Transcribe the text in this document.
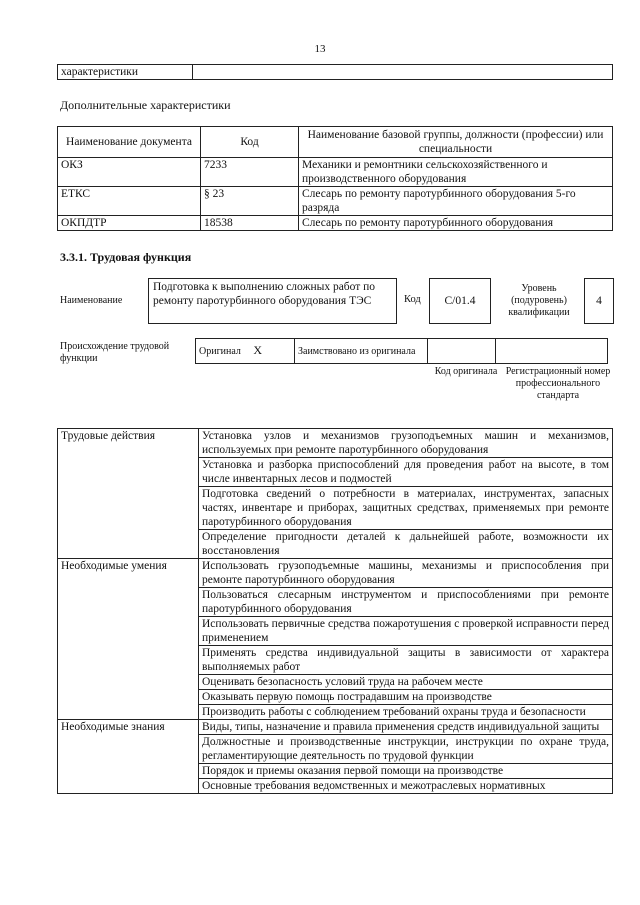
13
характеристики	
Дополнительные характеристики
Наименование документа	Код	Наименование базовой группы, должности (профессии) или специальности
ОКЗ	7233	Механики и ремонтники сельскохозяйственного и производственного оборудования
ЕТКС	§ 23	Слесарь по ремонту паротурбинного оборудования 5-го разряда
ОКПДТР	18538	Слесарь по ремонту паротурбинного оборудования
3.3.1. Трудовая функция
Наименование
Подготовка к выполнению сложных работ по ремонту паротурбинного оборудования ТЭС	Код	C/01.4
Уровень (подуровень) квалификации
4
Происхождение трудовой функции
Оригинал X	Заимствовано из оригинала		
Код оригинала Регистрационный номер профессионального стандарта
Трудовые действия	Установка узлов и механизмов грузоподъемных машин и механизмов, используемых при ремонте паротурбинного оборудования
	Установка и разборка приспособлений для проведения работ на высоте, в том числе инвентарных лесов и подмостей
	Подготовка сведений о потребности в материалах, инструментах, запасных частях, инвентаре и приборах, защитных средствах, применяемых при ремонте паротурбинного оборудования
	Определение пригодности деталей к дальнейшей работе, возможности их восстановления
Необходимые умения	Использовать грузоподъемные машины, механизмы и приспособления при ремонте паротурбинного оборудования
	Пользоваться слесарным инструментом и приспособлениями при ремонте паротурбинного оборудования
	Использовать первичные средства пожаротушения с проверкой исправности перед применением
	Применять средства индивидуальной защиты в зависимости от характера выполняемых работ
	Оценивать безопасность условий труда на рабочем месте
	Оказывать первую помощь пострадавшим на производстве
	Производить работы с соблюдением требований охраны труда и безопасности
Необходимые знания	Виды, типы, назначение и правила применения средств индивидуальной защиты
	Должностные и производственные инструкции, инструкции по охране труда, регламентирующие деятельность по трудовой функции
	Порядок и приемы оказания первой помощи на производстве
	Основные требования ведомственных и межотраслевых нормативных
